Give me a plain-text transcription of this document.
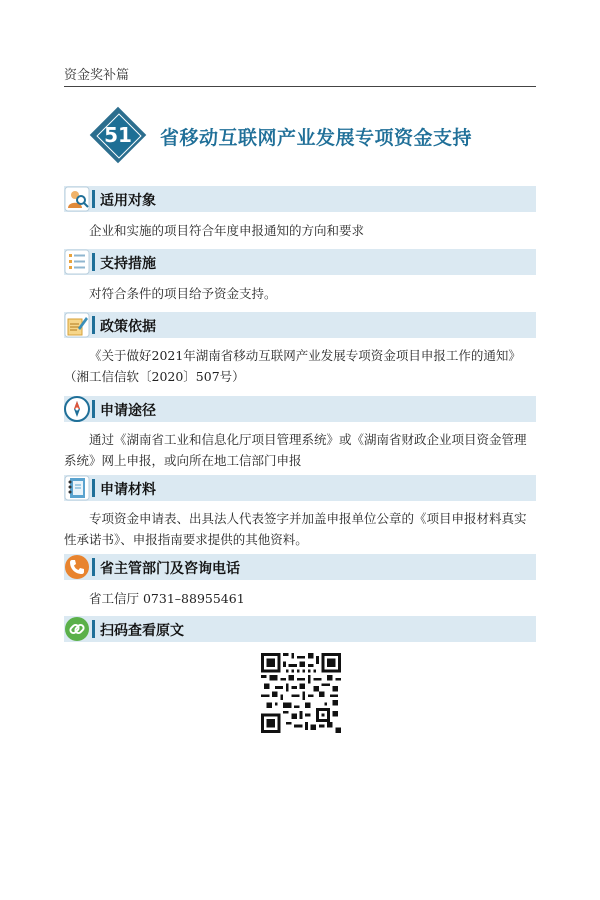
资金奖补篇
51	省移动互联网产业发展专项资金支持
适用对象
企业和实施的项目符合年度申报通知的方向和要求
支持措施
对符合条件的项目给予资金支持。
政策依据
《关于做好2021年湖南省移动互联网产业发展专项资金项目申报工作的通知》（湘工信信软〔2020〕507号）
申请途径
通过《湖南省工业和信息化厅项目管理系统》或《湖南省财政企业项目资金管理系统》网上申报，或向所在地工信部门申报
申请材料
专项资金申请表、出具法人代表签字并加盖申报单位公章的《项目申报材料真实性承诺书》、申报指南要求提供的其他资料。
省主管部门及咨询电话
省工信厅 0731–88955461
扫码查看原文
